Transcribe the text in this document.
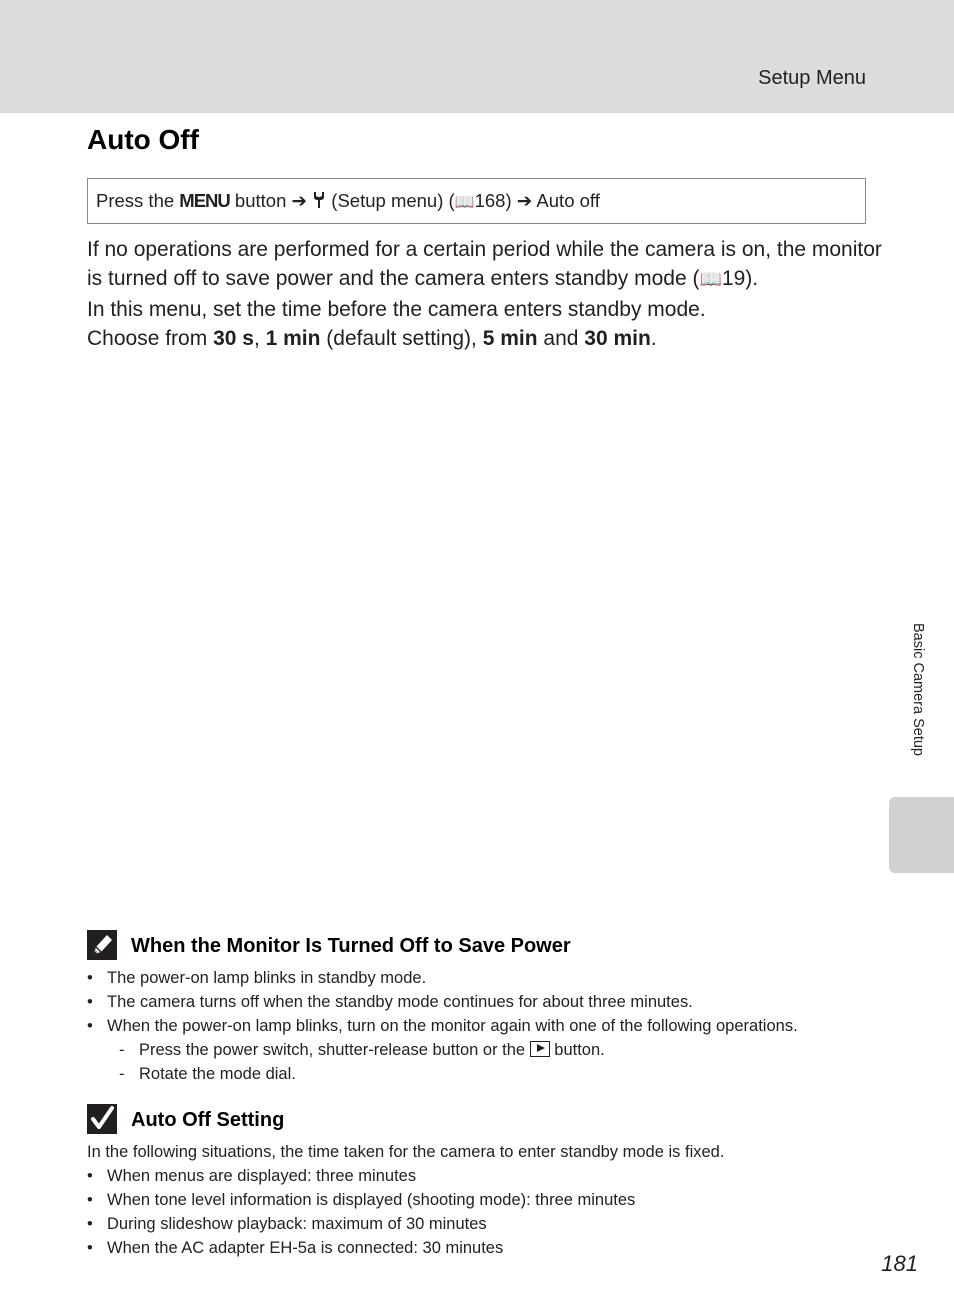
Setup Menu
Auto Off
Press the MENU button ➔  (Setup menu) (📖168) ➔ Auto off

If no operations are performed for a certain period while the camera is on, the monitor is turned off to save power and the camera enters standby mode (📖19).

In this menu, set the time before the camera enters standby mode.

Choose from 30 s, 1 min (default setting), 5 min and 30 min.

Basic Camera Setup
When the Monitor Is Turned Off to Save Power
• The power-on lamp blinks in standby mode.
• The camera turns off when the standby mode continues for about three minutes.
• When the power-on lamp blinks, turn on the monitor again with one of the following operations.
- Press the power switch, shutter-release button or the  button.
- Rotate the mode dial.
Auto Off Setting

In the following situations, the time taken for the camera to enter standby mode is fixed.

• When menus are displayed: three minutes
• When tone level information is displayed (shooting mode): three minutes
• During slideshow playback: maximum of 30 minutes
• When the AC adapter EH-5a is connected: 30 minutes
181
